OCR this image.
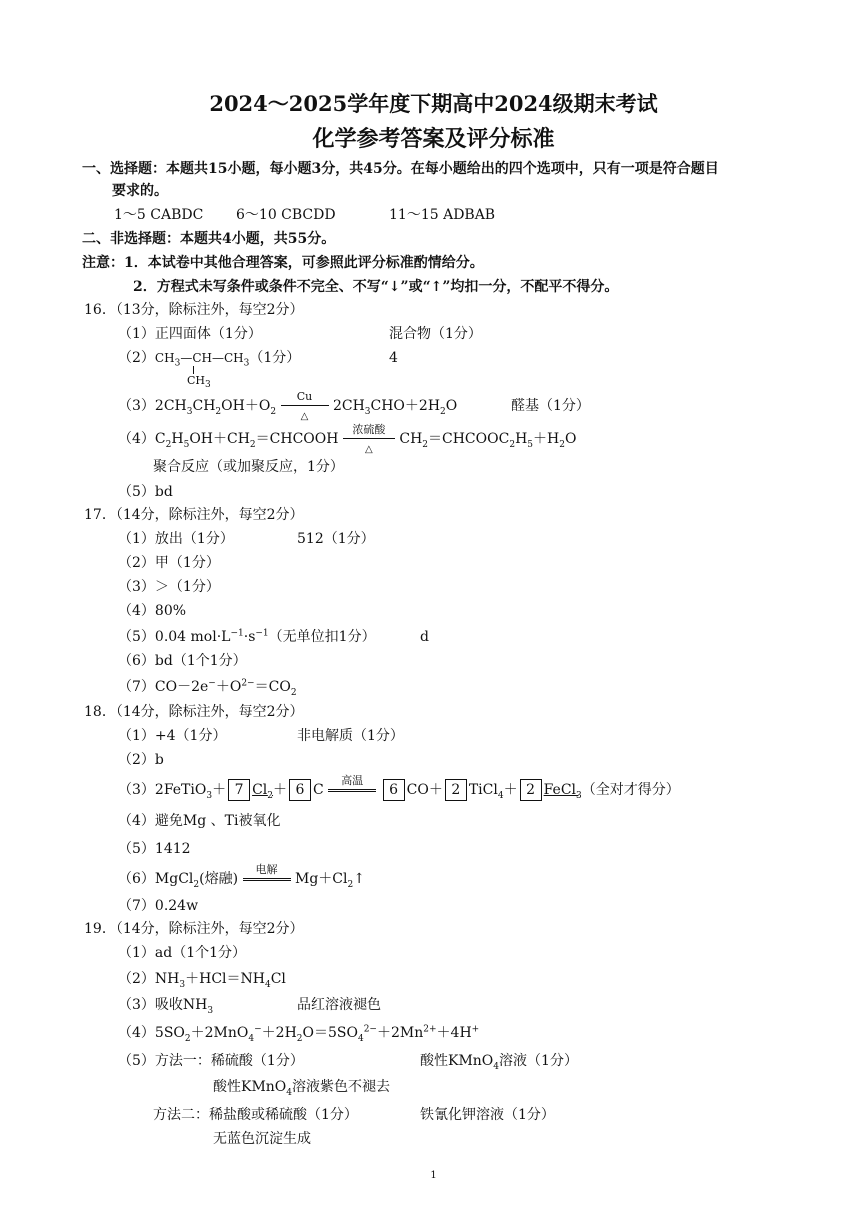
2024～2025学年度下期高中2024级期末考试
化学参考答案及评分标准
一、选择题：本题共15小题，每小题3分，共45分。在每小题给出的四个选项中，只有一项是符合题目
要求的。
1～5 CABDC 6～10 CBCDD	11～15 ADBAB
二、非选择题：本题共4小题，共55分。
注意：1．本试卷中其他合理答案，可参照此评分标准酌情给分。
2．方程式未写条件或条件不完全、不写“↓”或“↑”均扣一分，不配平不得分。
16．（13分，除标注外，每空2分）
（1）正四面体（1分）	混合物（1分）
$(2)CH_3—CH—CH_3(1$分）	4
$CH_3$
$(3)2CH_3CH_2OH+O_2$
Cu
△
$2CH_3CHO+2H_2O$	醛基（1分）
$(4)C_2H_5OH+CH_2=CHCOOH$
浓硫酸
△
$CH_2=CHCOOC_2H_5+H_2O$
聚合反应（或加聚反应，1分）
（5）bd
17．（14分，除标注外，每空2分）
（1）放出（1分）	512（1分）
（2）甲（1分）
（3）＞（1分）
（4）80%
（5）0.04 $mol\cdot L^{-1}\cdot s^{-1}$（无单位扣1分）	d
（6）bd（1个1分）
$(7)CO-2e^-+O^{2-}=CO_2$
18．（14分，除标注外，每空2分）
（1）+4（1分）	非电解质（1分）
（2）b
（3）2FeTiO$_3$＋ 7 $Cl_2+ 6$ C
高温
6 CO＋ 2 TiCl$_4$＋ 2 FeCl$_3$（全对才得分）
（4）避免Mg 、Ti被氧化
（5）1412
（6）MgCl$_2$(熔融)
电解
$Mg+Cl_2↑$
（7）0.24w
19．（14分，除标注外，每空2分）
（1）ad（1个1分）
$(2)NH_3+HCl=NH_4Cl$
（3）吸收$NH_3$	品红溶液褪色
$(4)5SO_2+2MnO_4^-+2H_2O=5SO_4^{2-}+2Mn^{2+}+4H^+$
（5）方法一：稀硫酸（1分）	酸性KMnO$_4$溶液（1分）
酸性KMnO$_4$溶液紫色不褪去
方法二：稀盐酸或稀硫酸（1分）	铁氰化钾溶液（1分）
无蓝色沉淀生成
1
